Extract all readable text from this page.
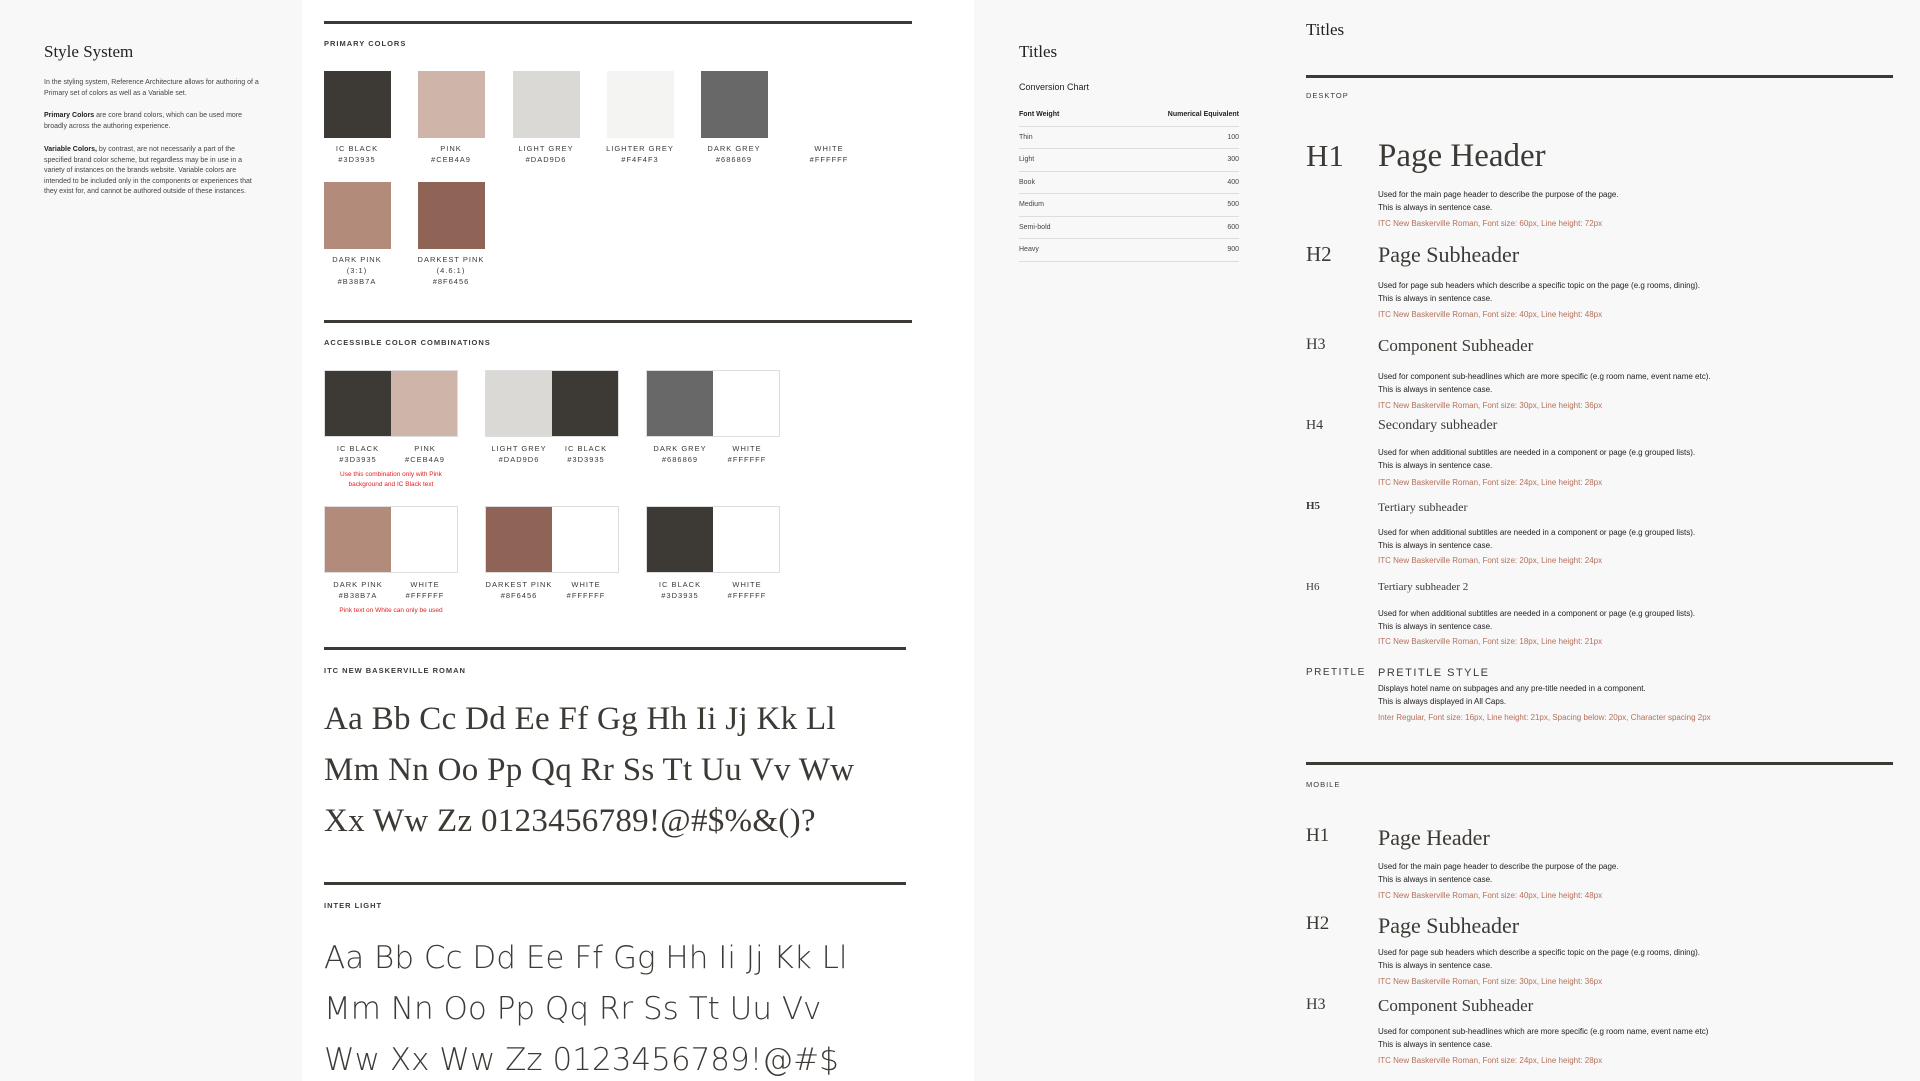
Style System
In the styling system, Reference Architecture allows for authoring of a Primary set of colors as well as a Variable set.
Primary Colors are core brand colors, which can be used more broadly across the authoring experience.
Variable Colors, by contrast, are not necessarily a part of the specified brand color scheme, but regardless may be in use in a variety of instances on the brands website. Variable colors are intended to be included only in the components or experiences that they exist for, and cannot be authored outside of these instances.
PRIMARY COLORS
IC BLACK
#3D3935
PINK
#CEB4A9
LIGHT GREY
#DAD9D6
LIGHTER GREY
#F4F4F3
DARK GREY
#686869
WHITE
#FFFFFF
DARK PINK
(3:1)
#B38B7A
DARKEST PINK
(4.6:1)
#8F6456
ACCESSIBLE COLOR COMBINATIONS
IC BLACK
#3D3935
PINK
#CEB4A9
Use this combination only with Pink background and IC Black text
LIGHT GREY
#DAD9D6
IC BLACK
#3D3935
DARK GREY
#686869
WHITE
#FFFFFF
DARK PINK
#B38B7A
WHITE
#FFFFFF
Pink text on White can only be used
DARKEST PINK
#8F6456
WHITE
#FFFFFF
IC BLACK
#3D3935
WHITE
#FFFFFF
ITC NEW BASKERVILLE ROMAN
Aa Bb Cc Dd Ee Ff Gg Hh Ii Jj Kk Ll
Mm Nn Oo Pp Qq Rr Ss Tt Uu Vv Ww
Xx Ww Zz 0123456789!@#$%&()?
INTER LIGHT
Aa Bb Cc Dd Ee Ff Gg Hh Ii Jj Kk Ll
Mm Nn Oo Pp Qq Rr Ss Tt Uu Vv
Ww Xx Ww Zz 0123456789!@#$
Titles
Conversion Chart
Font Weight	Numerical Equivalent
Thin	100
Light	300
Book	400
Medium	500
Semi-bold	600
Heavy	900
Titles
DESKTOP
H1 Page Header
Used for the main page header to describe the purpose of the page.
This is always in sentence case.
ITC New Baskerville Roman, Font size: 60px, Line height: 72px
H2 Page Subheader
Used for page sub headers which describe a specific topic on the page (e.g rooms, dining).
This is always in sentence case.
ITC New Baskerville Roman, Font size: 40px, Line height: 48px
H3	Component Subheader
Used for component sub-headlines which are more specific (e.g room name, event name etc).
This is always in sentence case.
ITC New Baskerville Roman, Font size: 30px, Line height: 36px
H4	Secondary subheader
Used for when additional subtitles are needed in a component or page (e.g grouped lists).
This is always in sentence case.
ITC New Baskerville Roman, Font size: 24px, Line height: 28px
H5	Tertiary subheader
Used for when additional subtitles are needed in a component or page (e.g grouped lists).
This is always in sentence case.
ITC New Baskerville Roman, Font size: 20px, Line height: 24px
H6	Tertiary subheader 2
Used for when additional subtitles are needed in a component or page (e.g grouped lists).
This is always in sentence case.
ITC New Baskerville Roman, Font size: 18px, Line height: 21px
PRETITLE PRETITLE STYLE
Displays hotel name on subpages and any pre-title needed in a component.
This is always displayed in All Caps.
Inter Regular, Font size: 16px, Line height: 21px, Spacing below: 20px, Character spacing 2px
MOBILE
H1 Page Header
Used for the main page header to describe the purpose of the page.
This is always in sentence case.
ITC New Baskerville Roman, Font size: 40px, Line height: 48px
H2 Page Subheader
Used for page sub headers which describe a specific topic on the page (e.g rooms, dining).
This is always in sentence case.
ITC New Baskerville Roman, Font size: 30px, Line height: 36px
H3	Component Subheader
Used for component sub-headlines which are more specific (e.g room name, event name etc)
This is always in sentence case.
ITC New Baskerville Roman, Font size: 24px, Line height: 28px
